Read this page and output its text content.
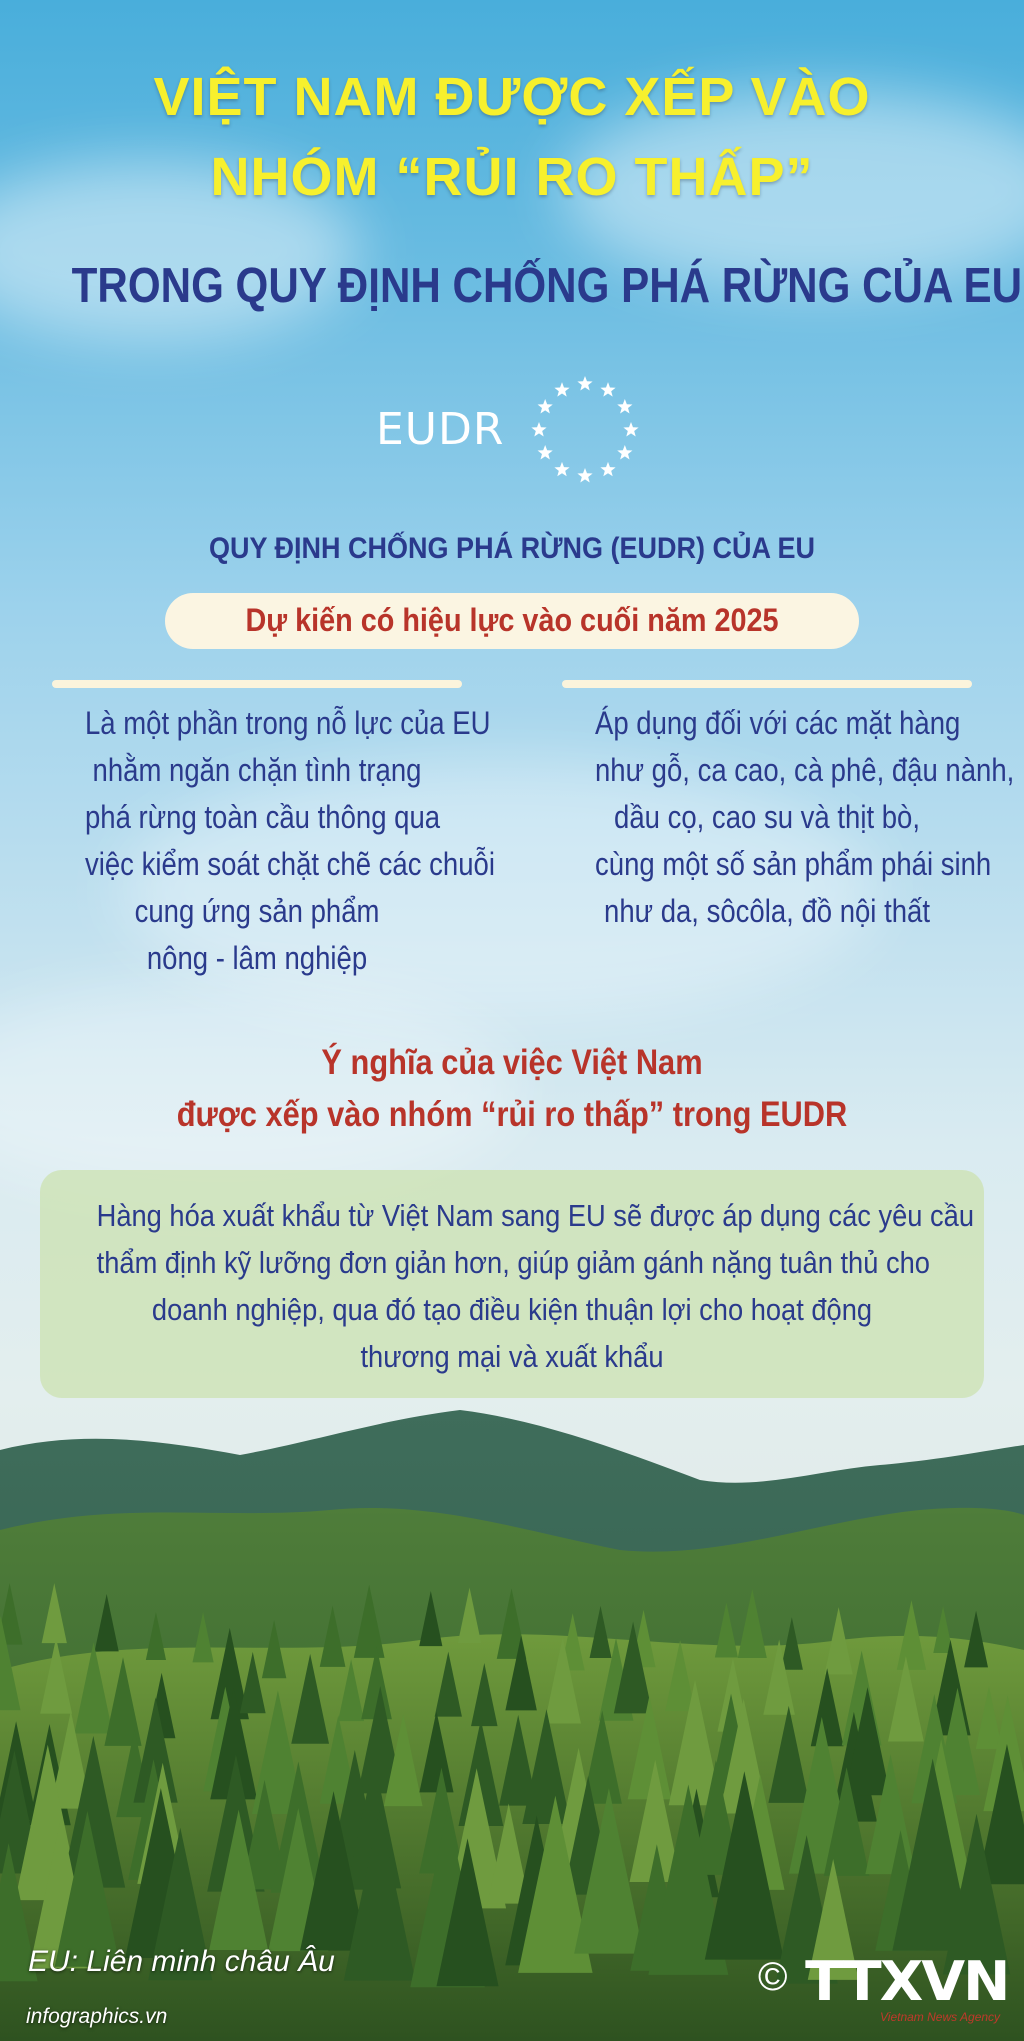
VIỆT NAM ĐƯỢC XẾP VÀO
NHÓM “RỦI RO THẤP”
TRONG QUY ĐỊNH CHỐNG PHÁ RỪNG CỦA EU
EUDR
QUY ĐỊNH CHỐNG PHÁ RỪNG (EUDR) CỦA EU
Dự kiến có hiệu lực vào cuối năm 2025
Là một phần trong nỗ lực của EU
nhằm ngăn chặn tình trạng
phá rừng toàn cầu thông qua
việc kiểm soát chặt chẽ các chuỗi
cung ứng sản phẩm
nông - lâm nghiệp
Áp dụng đối với các mặt hàng
như gỗ, ca cao, cà phê, đậu nành,
dầu cọ, cao su và thịt bò,
cùng một số sản phẩm phái sinh
như da, sôcôla, đồ nội thất
Ý nghĩa của việc Việt Nam
được xếp vào nhóm “rủi ro thấp” trong EUDR
Hàng hóa xuất khẩu từ Việt Nam sang EU sẽ được áp dụng các yêu cầu
thẩm định kỹ lưỡng đơn giản hơn, giúp giảm gánh nặng tuân thủ cho
doanh nghiệp, qua đó tạo điều kiện thuận lợi cho hoạt động
thương mại và xuất khẩu
EU: Liên minh châu Âu
infographics.vn
© TTXVN
Vietnam News Agency
